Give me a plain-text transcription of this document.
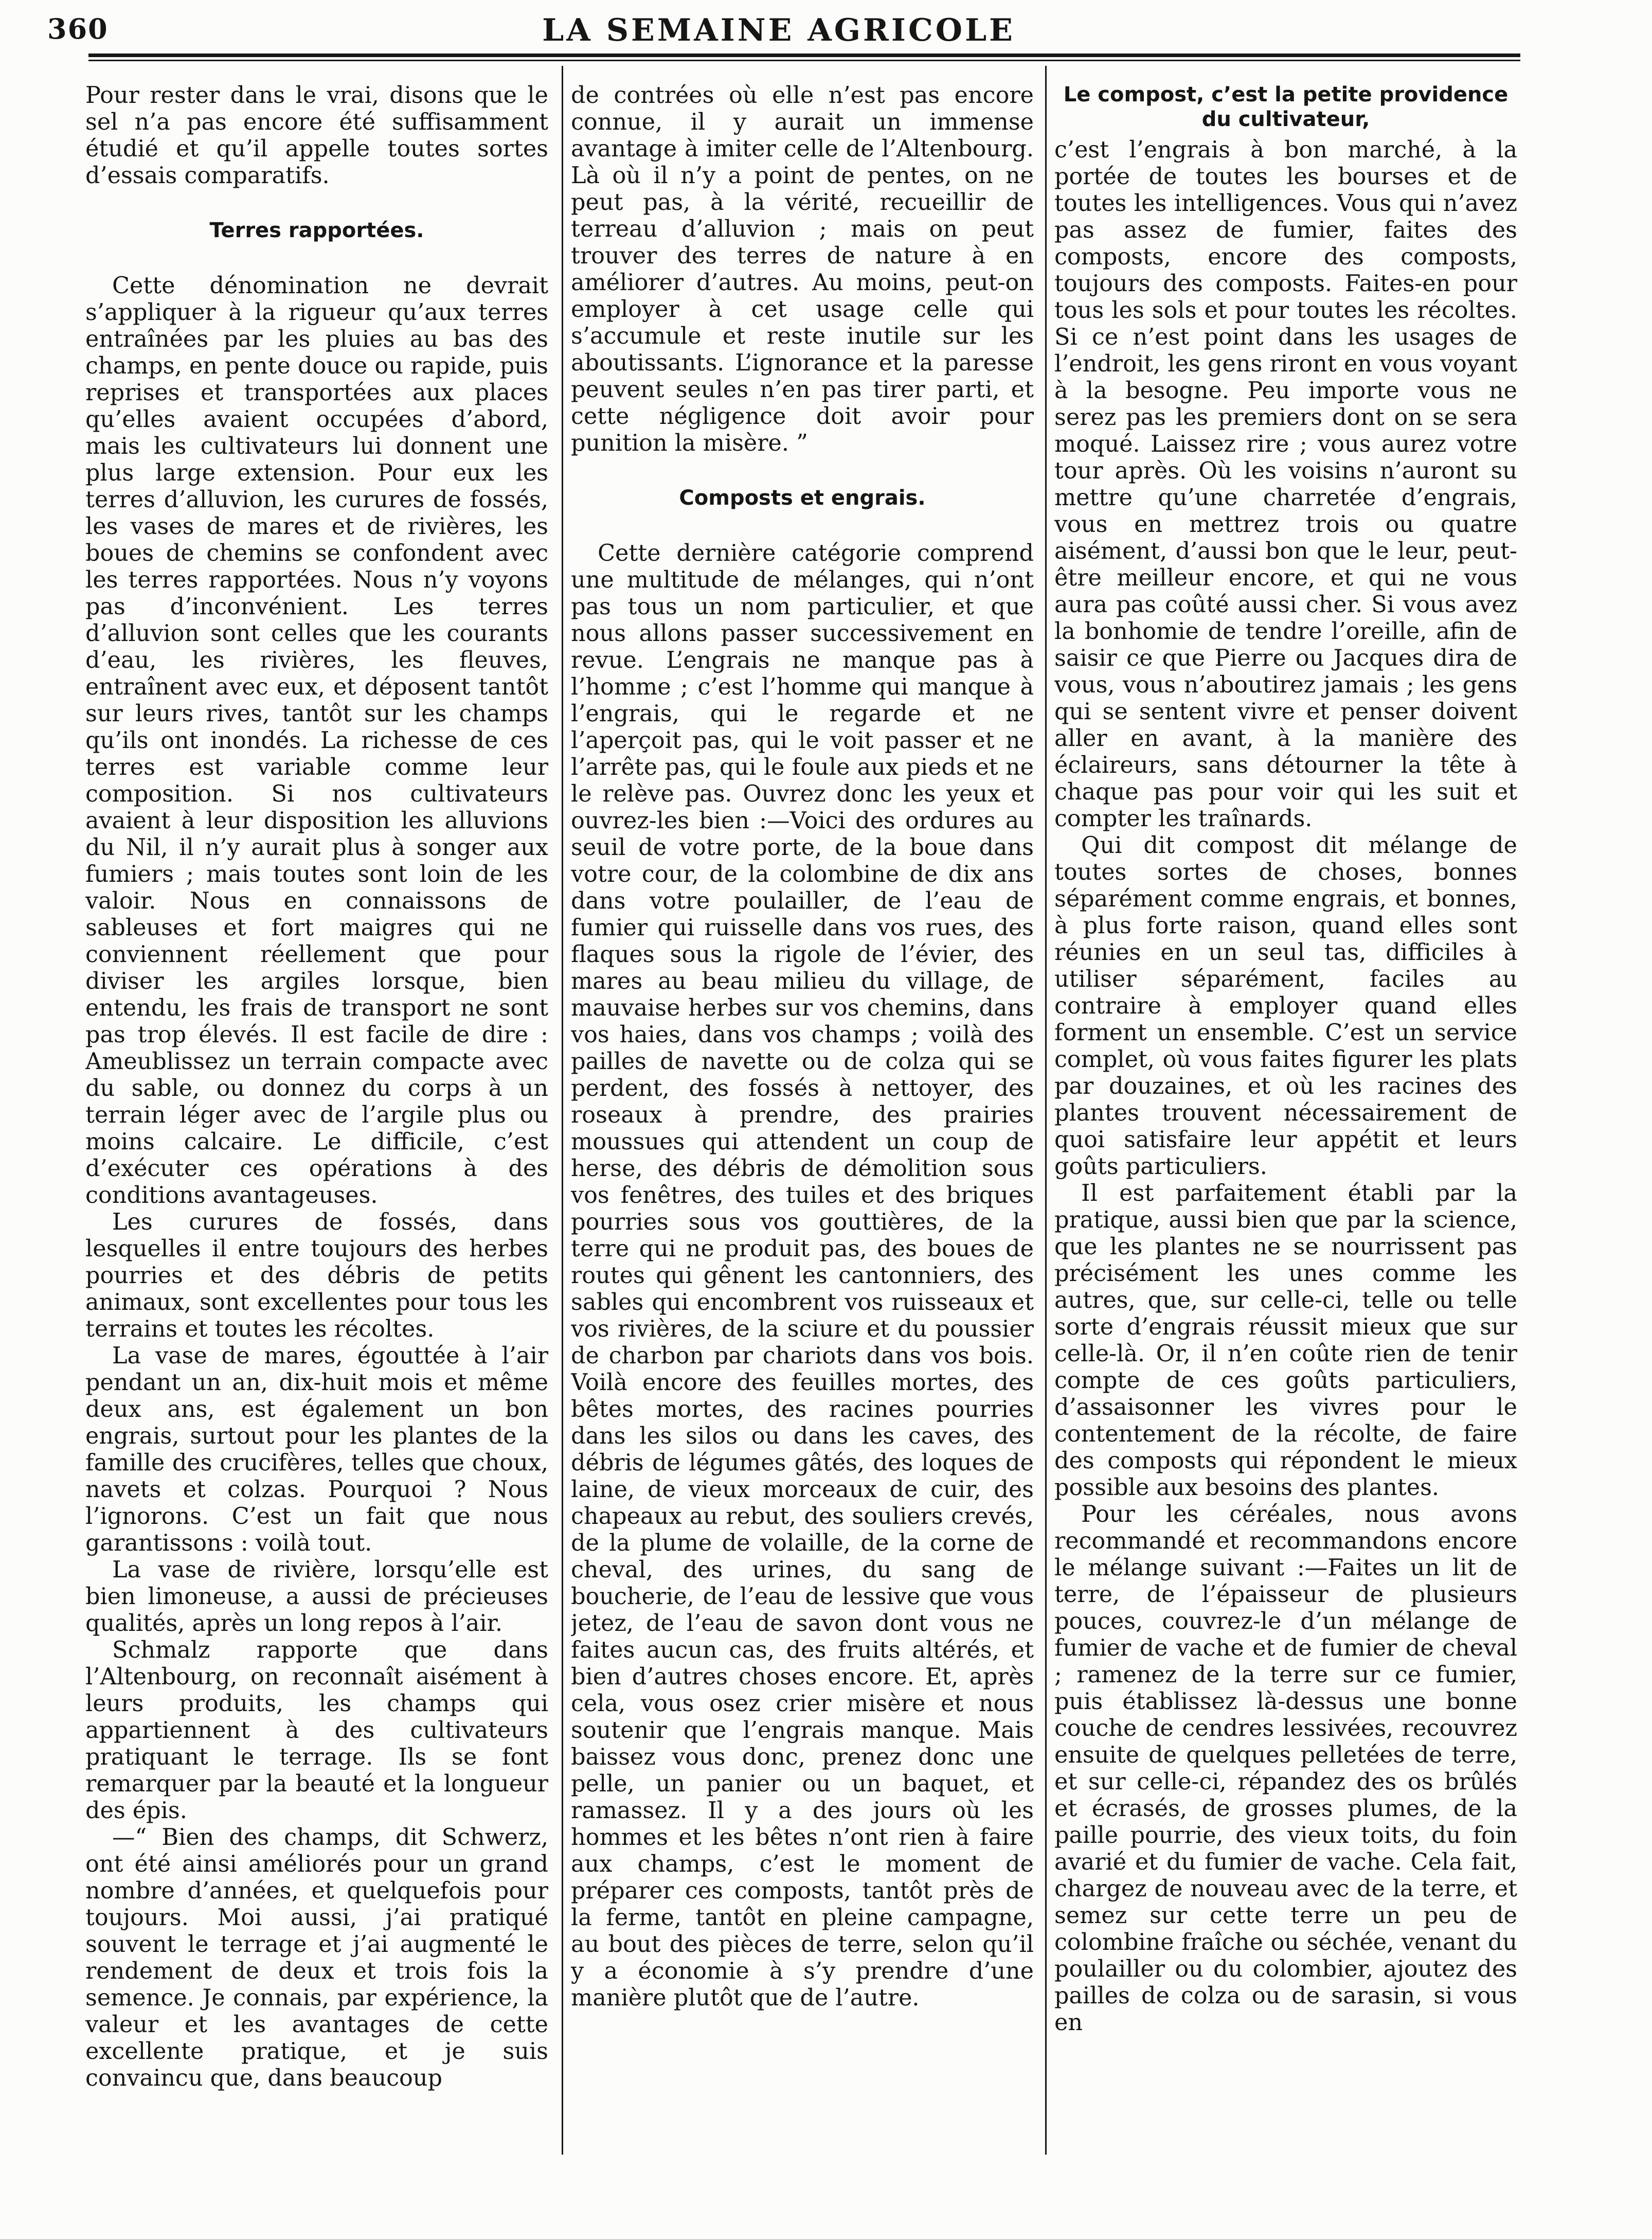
360	LA SEMAINE AGRICOLE

Pour rester dans le vrai, disons que le sel n’a pas encore été suffisamment étudié et qu’il appelle toutes sortes d’essais comparatifs.

Terres rapportées.

Cette dénomination ne devrait s’appliquer à la rigueur qu’aux terres entraînées par les pluies au bas des champs, en pente douce ou rapide, puis reprises et transportées aux places qu’elles avaient occupées d’abord, mais les cultivateurs lui donnent une plus large extension. Pour eux les terres d’alluvion, les curures de fossés, les vases de mares et de rivières, les boues de chemins se confondent avec les terres rapportées. Nous n’y voyons pas d’inconvénient. Les terres d’alluvion sont celles que les courants d’eau, les rivières, les fleuves, entraînent avec eux, et déposent tantôt sur leurs rives, tantôt sur les champs qu’ils ont inondés. La richesse de ces terres est variable comme leur composition. Si nos cultivateurs avaient à leur disposition les alluvions du Nil, il n’y aurait plus à songer aux fumiers ; mais toutes sont loin de les valoir. Nous en connaissons de sableuses et fort maigres qui ne conviennent réellement que pour diviser les argiles lorsque, bien entendu, les frais de transport ne sont pas trop élevés. Il est facile de dire : Ameublissez un terrain compacte avec du sable, ou donnez du corps à un terrain léger avec de l’argile plus ou moins calcaire. Le difficile, c’est d’exécuter ces opérations à des conditions avantageuses.

Les curures de fossés, dans lesquelles il entre toujours des herbes pourries et des débris de petits animaux, sont excellentes pour tous les terrains et toutes les récoltes.

La vase de mares, égouttée à l’air pendant un an, dix-huit mois et même deux ans, est également un bon engrais, surtout pour les plantes de la famille des crucifères, telles que choux, navets et colzas. Pourquoi ? Nous l’ignorons. C’est un fait que nous garantissons : voilà tout.

La vase de rivière, lorsqu’elle est bien limoneuse, a aussi de précieuses qualités, après un long repos à l’air.

Schmalz rapporte que dans l’Altenbourg, on reconnaît aisément à leurs produits, les champs qui appartiennent à des cultivateurs pratiquant le terrage. Ils se font remarquer par la beauté et la longueur des épis.

—“ Bien des champs, dit Schwerz, ont été ainsi améliorés pour un grand nombre d’années, et quelquefois pour toujours. Moi aussi, j’ai pratiqué souvent le terrage et j’ai augmenté le rendement de deux et trois fois la semence. Je connais, par expérience, la valeur et les avantages de cette excellente pratique, et je suis convaincu que, dans beaucoup

de contrées où elle n’est pas encore connue, il y aurait un immense avantage à imiter celle de l’Altenbourg. Là où il n’y a point de pentes, on ne peut pas, à la vérité, recueillir de terreau d’alluvion ; mais on peut trouver des terres de nature à en améliorer d’autres. Au moins, peut-on employer à cet usage celle qui s’accumule et reste inutile sur les aboutissants. L’ignorance et la paresse peuvent seules n’en pas tirer parti, et cette négligence doit avoir pour punition la misère. ”

Composts et engrais.

Cette dernière catégorie comprend une multitude de mélanges, qui n’ont pas tous un nom particulier, et que nous allons passer successivement en revue. L’engrais ne manque pas à l’homme ; c’est l’homme qui manque à l’engrais, qui le regarde et ne l’aperçoit pas, qui le voit passer et ne l’arrête pas, qui le foule aux pieds et ne le relève pas. Ouvrez donc les yeux et ouvrez-les bien :—Voici des ordures au seuil de votre porte, de la boue dans votre cour, de la colombine de dix ans dans votre poulailler, de l’eau de fumier qui ruisselle dans vos rues, des flaques sous la rigole de l’évier, des mares au beau milieu du village, de mauvaise herbes sur vos chemins, dans vos haies, dans vos champs ; voilà des pailles de navette ou de colza qui se perdent, des fossés à nettoyer, des roseaux à prendre, des prairies moussues qui attendent un coup de herse, des débris de démolition sous vos fenêtres, des tuiles et des briques pourries sous vos gouttières, de la terre qui ne produit pas, des boues de routes qui gênent les cantonniers, des sables qui encombrent vos ruisseaux et vos rivières, de la sciure et du poussier de charbon par chariots dans vos bois. Voilà encore des feuilles mortes, des bêtes mortes, des racines pourries dans les silos ou dans les caves, des débris de légumes gâtés, des loques de laine, de vieux morceaux de cuir, des chapeaux au rebut, des souliers crevés, de la plume de volaille, de la corne de cheval, des urines, du sang de boucherie, de l’eau de lessive que vous jetez, de l’eau de savon dont vous ne faites aucun cas, des fruits altérés, et bien d’autres choses encore. Et, après cela, vous osez crier misère et nous soutenir que l’engrais manque. Mais baissez vous donc, prenez donc une pelle, un panier ou un baquet, et ramassez. Il y a des jours où les hommes et les bêtes n’ont rien à faire aux champs, c’est le moment de préparer ces composts, tantôt près de la ferme, tantôt en pleine campagne, au bout des pièces de terre, selon qu’il y a économie à s’y prendre d’une manière plutôt que de l’autre.

Le compost, c’est la petite providence du cultivateur,

c’est l’engrais à bon marché, à la portée de toutes les bourses et de toutes les intelligences. Vous qui n’avez pas assez de fumier, faites des composts, encore des composts, toujours des composts. Faites-en pour tous les sols et pour toutes les récoltes. Si ce n’est point dans les usages de l’endroit, les gens riront en vous voyant à la besogne. Peu importe vous ne serez pas les premiers dont on se sera moqué. Laissez rire ; vous aurez votre tour après. Où les voisins n’auront su mettre qu’une charretée d’engrais, vous en mettrez trois ou quatre aisément, d’aussi bon que le leur, peut-être meilleur encore, et qui ne vous aura pas coûté aussi cher. Si vous avez la bonhomie de tendre l’oreille, afin de saisir ce que Pierre ou Jacques dira de vous, vous n’aboutirez jamais ; les gens qui se sentent vivre et penser doivent aller en avant, à la manière des éclaireurs, sans détourner la tête à chaque pas pour voir qui les suit et compter les traînards.

Qui dit compost dit mélange de toutes sortes de choses, bonnes séparément comme engrais, et bonnes, à plus forte raison, quand elles sont réunies en un seul tas, difficiles à utiliser séparément, faciles au contraire à employer quand elles forment un ensemble. C’est un service complet, où vous faites figurer les plats par douzaines, et où les racines des plantes trouvent nécessairement de quoi satisfaire leur appétit et leurs goûts particuliers.

Il est parfaitement établi par la pratique, aussi bien que par la science, que les plantes ne se nourrissent pas précisément les unes comme les autres, que, sur celle-ci, telle ou telle sorte d’engrais réussit mieux que sur celle-là. Or, il n’en coûte rien de tenir compte de ces goûts particuliers, d’assaisonner les vivres pour le contentement de la récolte, de faire des composts qui répondent le mieux possible aux besoins des plantes.

Pour les céréales, nous avons recommandé et recommandons encore le mélange suivant :—Faites un lit de terre, de l’épaisseur de plusieurs pouces, couvrez-le d’un mélange de fumier de vache et de fumier de cheval ; ramenez de la terre sur ce fumier, puis établissez là-dessus une bonne couche de cendres lessivées, recouvrez ensuite de quelques pelletées de terre, et sur celle-ci, répandez des os brûlés et écrasés, de grosses plumes, de la paille pourrie, des vieux toits, du foin avarié et du fumier de vache. Cela fait, chargez de nouveau avec de la terre, et semez sur cette terre un peu de colombine fraîche ou séchée, venant du poulailler ou du colombier, ajoutez des pailles de colza ou de sarasin, si vous en
